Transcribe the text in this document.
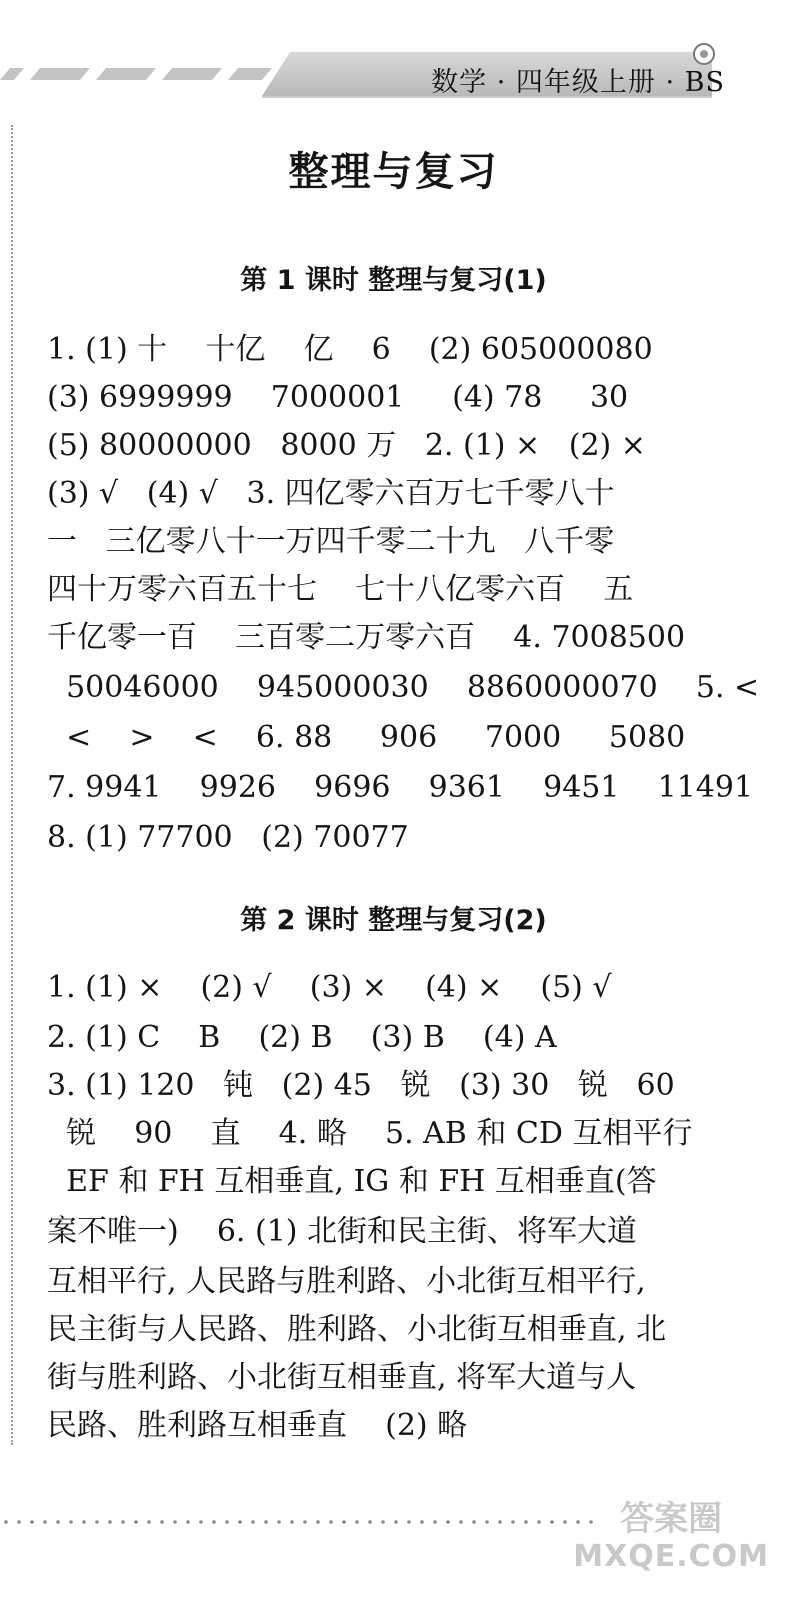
数学 · 四年级上册 · BS
整理与复习
第 1 课时 整理与复习(1)
1. (1) 十    十亿    亿    6    (2) 605000080
(3) 6999999    7000001     (4) 78     30
(5) 80000000   8000 万   2. (1) ×   (2) ×
(3) √   (4) √   3. 四亿零六百万七千零八十
一   三亿零八十一万四千零二十九   八千零
四十万零六百五十七    七十八亿零六百    五
千亿零一百    三百零二万零六百    4. 7008500
50046000    945000030    8860000070    5. <
<    >    <    6. 88     906     7000     5080
7. 9941    9926    9696    9361    9451    11491
8. (1) 77700   (2) 70077
第 2 课时 整理与复习(2)
1. (1) ×    (2) √    (3) ×    (4) ×    (5) √
2. (1) C    B    (2) B    (3) B    (4) A
3. (1) 120   钝   (2) 45   锐   (3) 30   锐   60
锐    90    直    4. 略    5. AB 和 CD 互相平行
EF 和 FH 互相垂直, IG 和 FH 互相垂直(答
案不唯一)    6. (1) 北街和民主街、将军大道
互相平行, 人民路与胜利路、小北街互相平行,
民主街与人民路、胜利路、小北街互相垂直, 北
街与胜利路、小北街互相垂直, 将军大道与人
民路、胜利路互相垂直    (2) 略
答案圈
MXQE.COM
